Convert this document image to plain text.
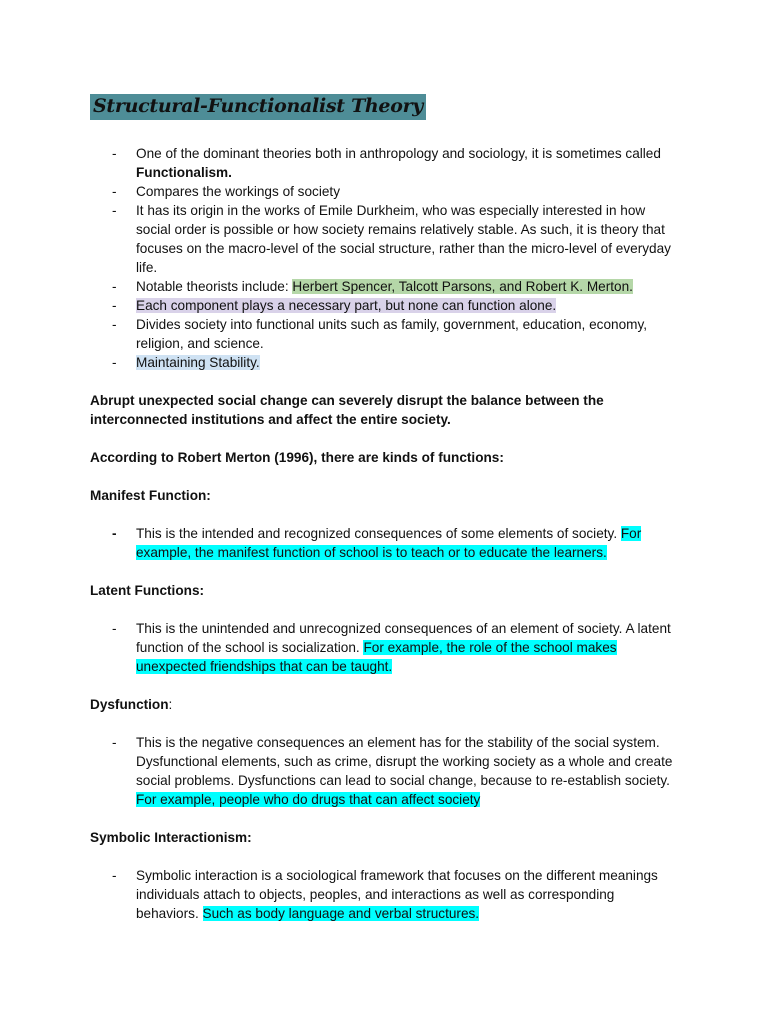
Structural-Functionalist Theory
- One of the dominant theories both in anthropology and sociology, it is sometimes called Functionalism.
- Compares the workings of society
- It has its origin in the works of Emile Durkheim, who was especially interested in how social order is possible or how society remains relatively stable. As such, it is theory that focuses on the macro-level of the social structure, rather than the micro-level of everyday life.
- Notable theorists include: Herbert Spencer, Talcott Parsons, and Robert K. Merton.
- Each component plays a necessary part, but none can function alone.
- Divides society into functional units such as family, government, education, economy, religion, and science.
- Maintaining Stability.

Abrupt unexpected social change can severely disrupt the balance between the interconnected institutions and affect the entire society.

According to Robert Merton (1996), there are kinds of functions:

Manifest Function:

- This is the intended and recognized consequences of some elements of society. For example, the manifest function of school is to teach or to educate the learners.

Latent Functions:

- This is the unintended and unrecognized consequences of an element of society. A latent function of the school is socialization. For example, the role of the school makes unexpected friendships that can be taught.

Dysfunction:

- This is the negative consequences an element has for the stability of the social system. Dysfunctional elements, such as crime, disrupt the working society as a whole and create social problems. Dysfunctions can lead to social change, because to re-establish society. For example, people who do drugs that can affect society

Symbolic Interactionism:

- Symbolic interaction is a sociological framework that focuses on the different meanings individuals attach to objects, peoples, and interactions as well as corresponding behaviors. Such as body language and verbal structures.
